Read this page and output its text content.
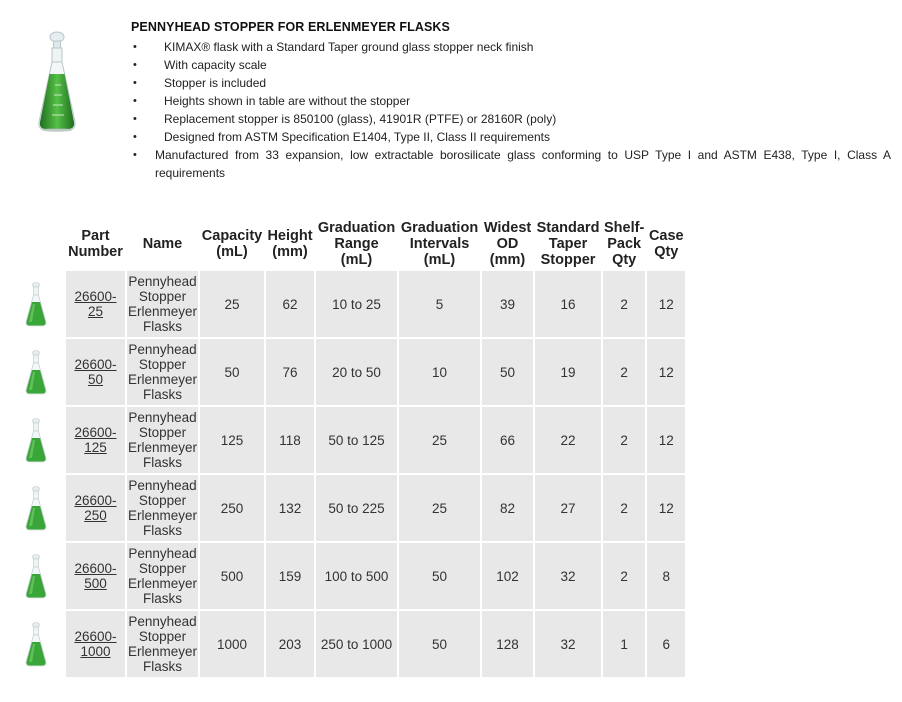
PENNYHEAD STOPPER FOR ERLENMEYER FLASKS
• KIMAX® flask with a Standard Taper ground glass stopper neck finish
• With capacity scale
• Stopper is included
• Heights shown in table are without the stopper
• Replacement stopper is 850100 (glass), 41901R (PTFE) or 28160R (poly)
• Designed from ASTM Specification E1404, Type II, Class II requirements
• Manufactured from 33 expansion, low extractable borosilicate glass conforming to USP Type I and ASTM E438, Type I, Class A requirements
Part Number	Name	Capacity (mL)	Height (mm)	Graduation Range (mL)	Graduation Intervals (mL)	Widest OD (mm)	Standard Taper Stopper	Shelf-Pack Qty	Case Qty
26600-25	Pennyhead Stopper Erlenmeyer Flasks	25	62	10 to 25	5	39	16	2	12
26600-50	Pennyhead Stopper Erlenmeyer Flasks	50	76	20 to 50	10	50	19	2	12
26600-125	Pennyhead Stopper Erlenmeyer Flasks	125	118	50 to 125	25	66	22	2	12
26600-250	Pennyhead Stopper Erlenmeyer Flasks	250	132	50 to 225	25	82	27	2	12
26600-500	Pennyhead Stopper Erlenmeyer Flasks	500	159	100 to 500	50	102	32	2	8
26600-1000	Pennyhead Stopper Erlenmeyer Flasks	1000	203	250 to 1000	50	128	32	1	6
